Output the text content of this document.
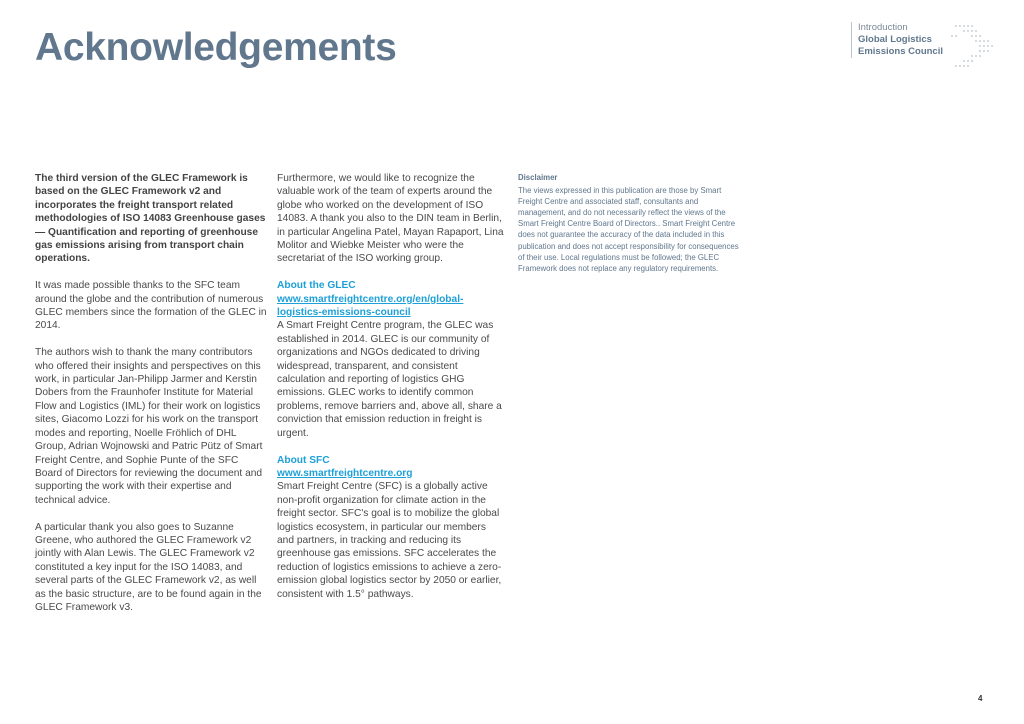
Acknowledgements	Introduction
Global Logistics
Emissions Council

The third version of the GLEC Framework is based on the GLEC Framework v2 and incorporates the freight transport related methodologies of ISO 14083 Greenhouse gases — Quantification and reporting of greenhouse gas emissions arising from transport chain operations.

It was made possible thanks to the SFC team around the globe and the contribution of numerous GLEC members since the formation of the GLEC in 2014.

The authors wish to thank the many contributors who offered their insights and perspectives on this work, in particular Jan-Philipp Jarmer and Kerstin Dobers from the Fraunhofer Institute for Material Flow and Logistics (IML) for their work on logistics sites, Giacomo Lozzi for his work on the transport modes and reporting, Noelle Fröhlich of DHL Group, Adrian Wojnowski and Patric Pütz of Smart Freight Centre, and Sophie Punte of the SFC Board of Directors for reviewing the document and supporting the work with their expertise and technical advice.

A particular thank you also goes to Suzanne Greene, who authored the GLEC Framework v2 jointly with Alan Lewis. The GLEC Framework v2 constituted a key input for the ISO 14083, and several parts of the GLEC Framework v2, as well as the basic structure, are to be found again in the GLEC Framework v3.

Furthermore, we would like to recognize the valuable work of the team of experts around the globe who worked on the development of ISO 14083. A thank you also to the DIN team in Berlin, in particular Angelina Patel, Mayan Rapaport, Lina Molitor and Wiebke Meister who were the secretariat of the ISO working group.

About the GLEC
www.smartfreightcentre.org/en/global-logistics-emissions-council
A Smart Freight Centre program, the GLEC was established in 2014. GLEC is our community of organizations and NGOs dedicated to driving widespread, transparent, and consistent calculation and reporting of logistics GHG emissions. GLEC works to identify common problems, remove barriers and, above all, share a conviction that emission reduction in freight is urgent.

About SFC
www.smartfreightcentre.org
Smart Freight Centre (SFC) is a globally active non-profit organization for climate action in the freight sector. SFC's goal is to mobilize the global logistics ecosystem, in particular our members and partners, in tracking and reducing its greenhouse gas emissions. SFC accelerates the reduction of logistics emissions to achieve a zero-emission global logistics sector by 2050 or earlier, consistent with 1.5° pathways.

Disclaimer
The views expressed in this publication are those by Smart Freight Centre and associated staff, consultants and management, and do not necessarily reflect the views of the Smart Freight Centre Board of Directors.. Smart Freight Centre does not guarantee the accuracy of the data included in this publication and does not accept responsibility for consequences of their use. Local regulations must be followed; the GLEC Framework does not replace any regulatory requirements.
4
